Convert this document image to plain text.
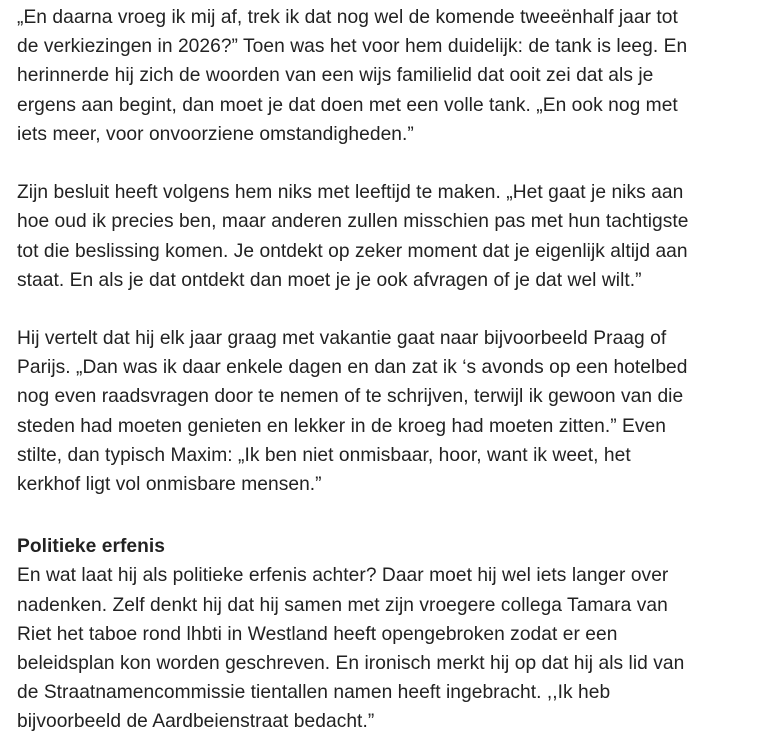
„En daarna vroeg ik mij af, trek ik dat nog wel de komende tweeënhalf jaar tot
de verkiezingen in 2026?” Toen was het voor hem duidelijk: de tank is leeg. En
herinnerde hij zich de woorden van een wijs familielid dat ooit zei dat als je
ergens aan begint, dan moet je dat doen met een volle tank. „En ook nog met
iets meer, voor onvoorziene omstandigheden.”
Zijn besluit heeft volgens hem niks met leeftijd te maken. „Het gaat je niks aan
hoe oud ik precies ben, maar anderen zullen misschien pas met hun tachtigste
tot die beslissing komen. Je ontdekt op zeker moment dat je eigenlijk altijd aan
staat. En als je dat ontdekt dan moet je je ook afvragen of je dat wel wilt.”
Hij vertelt dat hij elk jaar graag met vakantie gaat naar bijvoorbeeld Praag of
Parijs. „Dan was ik daar enkele dagen en dan zat ik ‘s avonds op een hotelbed
nog even raadsvragen door te nemen of te schrijven, terwijl ik gewoon van die
steden had moeten genieten en lekker in de kroeg had moeten zitten.” Even
stilte, dan typisch Maxim: „Ik ben niet onmisbaar, hoor, want ik weet, het
kerkhof ligt vol onmisbare mensen.”
Politieke erfenis
En wat laat hij als politieke erfenis achter? Daar moet hij wel iets langer over
nadenken. Zelf denkt hij dat hij samen met zijn vroegere collega Tamara van
Riet het taboe rond lhbti in Westland heeft opengebroken zodat er een
beleidsplan kon worden geschreven. En ironisch merkt hij op dat hij als lid van
de Straatnamencommissie tientallen namen heeft ingebracht. ,,Ik heb
bijvoorbeeld de Aardbeienstraat bedacht.”
